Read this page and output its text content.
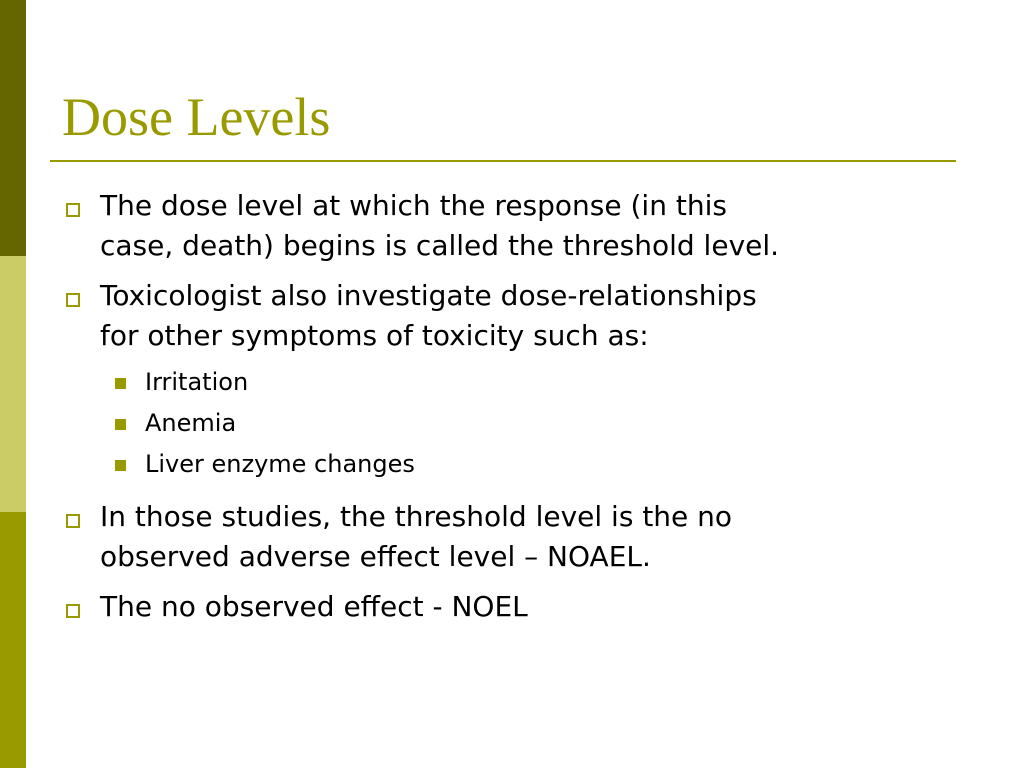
Dose Levels
The dose level at which the response (in this
case, death) begins is called the threshold level.
Toxicologist also investigate dose-relationships
for other symptoms of toxicity such as:
Irritation
Anemia
Liver enzyme changes
In those studies, the threshold level is the no
observed adverse effect level – NOAEL.
The no observed effect - NOEL
